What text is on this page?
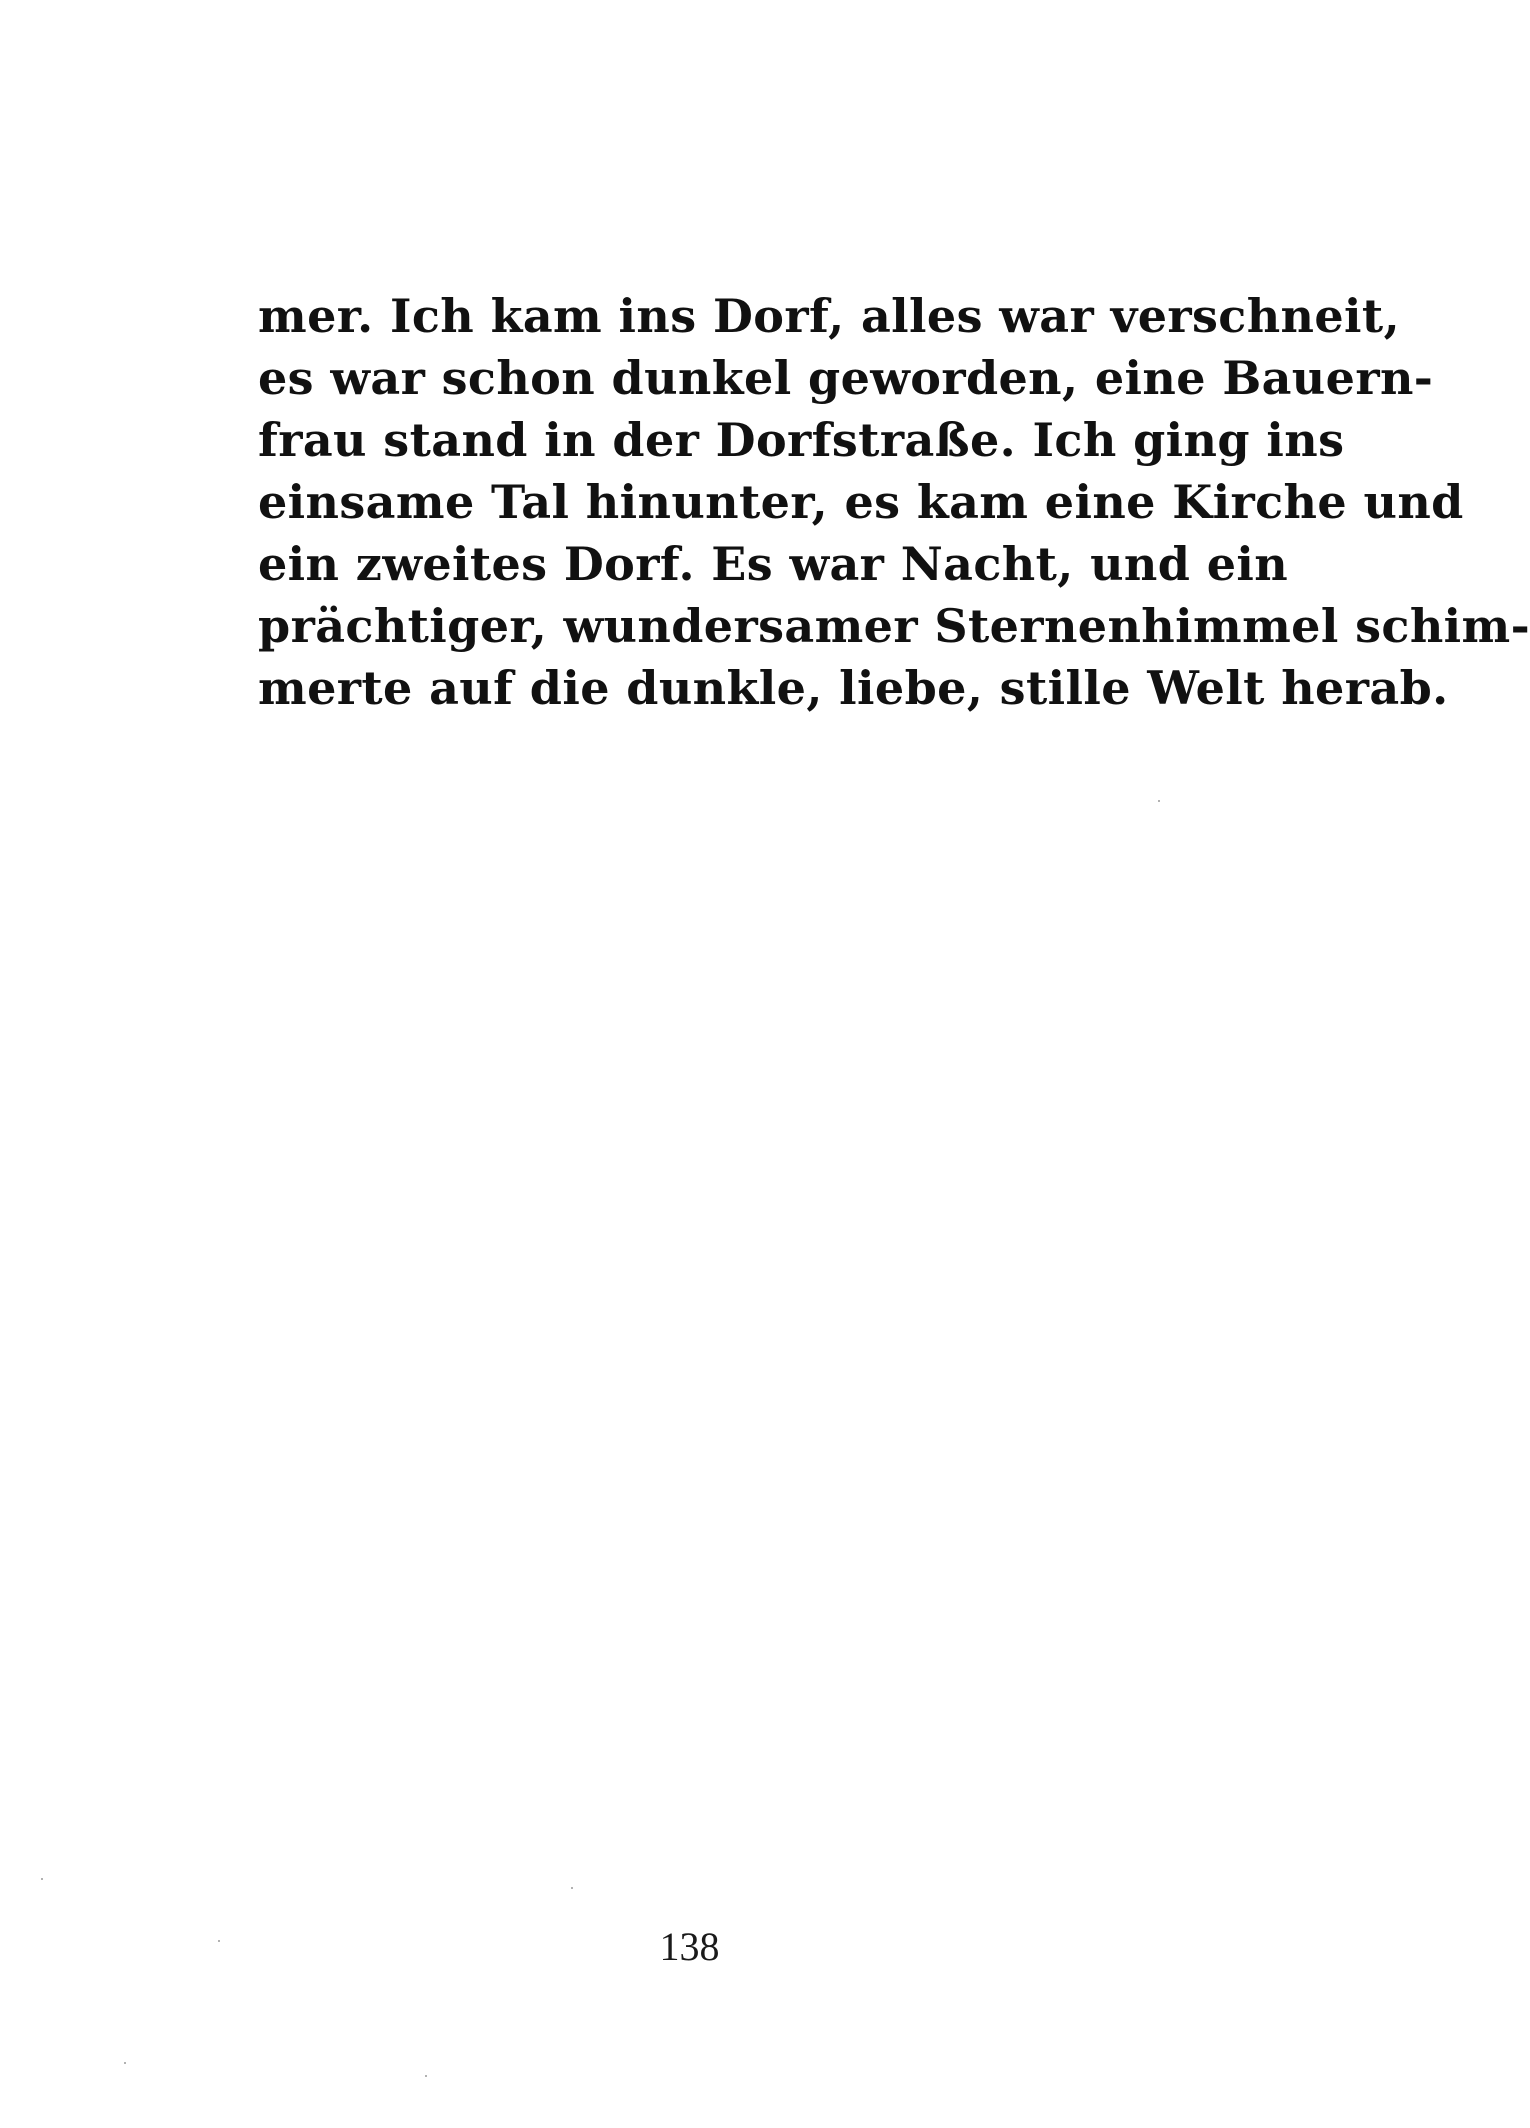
mer. Ich kam ins Dorf, alles war verschneit,
es war schon dunkel geworden, eine Bauern-
frau stand in der Dorfstraße. Ich ging ins
einsame Tal hinunter, es kam eine Kirche und
ein zweites Dorf. Es war Nacht, und ein
prächtiger, wundersamer Sternenhimmel schim-
merte auf die dunkle, liebe, stille Welt herab.
138
